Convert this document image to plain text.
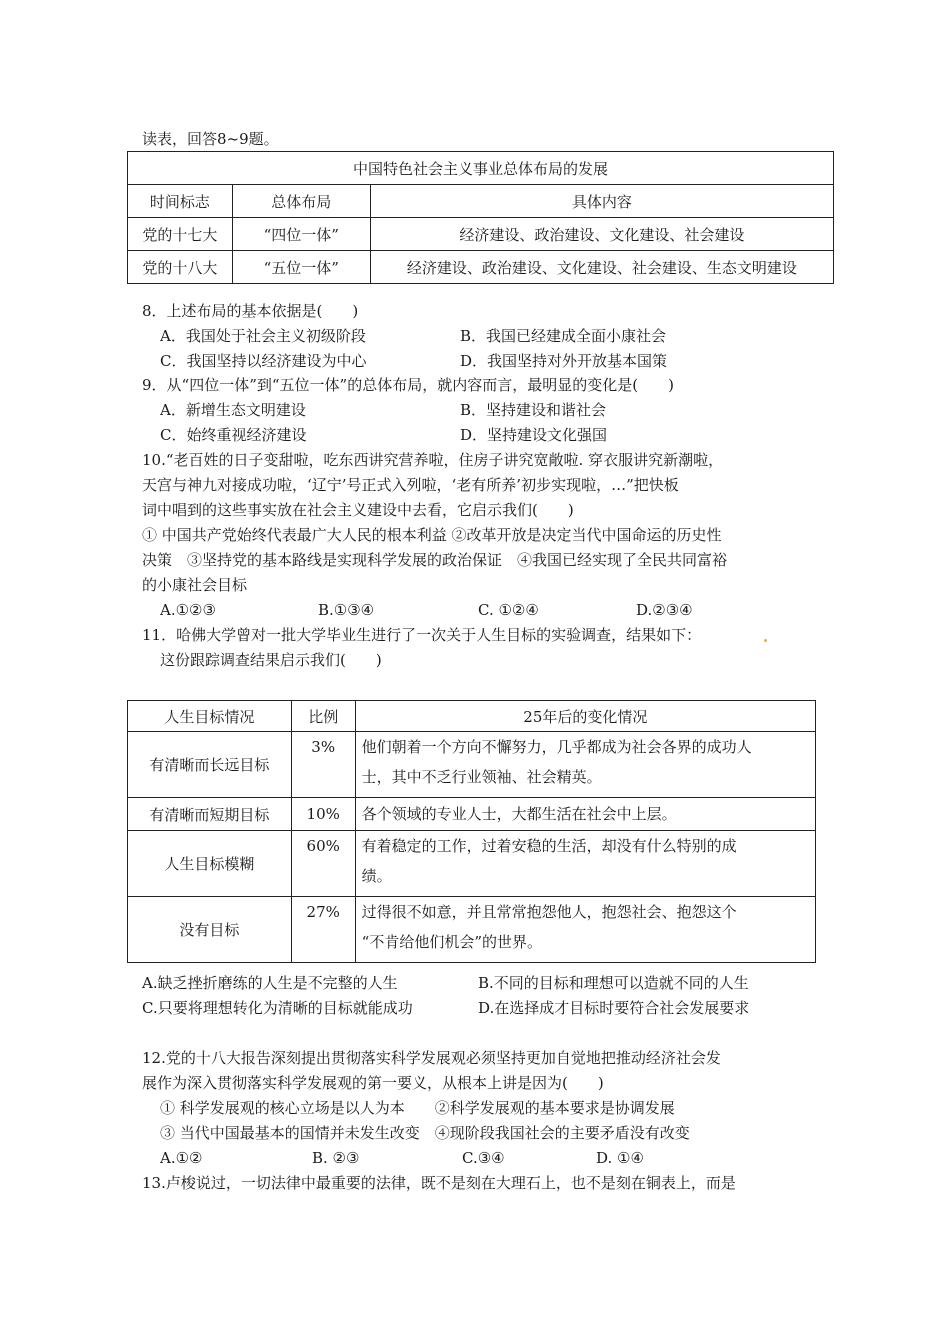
读表，回答8~9题。
中国特色社会主义事业总体布局的发展		
时间标志	总体布局	具体内容
党的十七大	“四位一体”	经济建设、政治建设、文化建设、社会建设
党的十八大	“五位一体”	经济建设、政治建设、文化建设、社会建设、生态文明建设
8．上述布局的基本依据是(　　)
A．我国处于社会主义初级阶段	B．我国已经建成全面小康社会
C．我国坚持以经济建设为中心	D．我国坚持对外开放基本国策
9．从“四位一体”到“五位一体”的总体布局，就内容而言，最明显的变化是(　　)
A．新增生态文明建设	B．坚持建设和谐社会
C．始终重视经济建设	D．坚持建设文化强国
10.“老百姓的日子变甜啦，吃东西讲究营养啦，住房子讲究宽敞啦. 穿衣服讲究新潮啦，
天宫与神九对接成功啦，‘辽宁’号正式入列啦，‘老有所养’初步实现啦，…”把快板
词中唱到的这些事实放在社会主义建设中去看，它启示我们(　　)
① 中国共产党始终代表最广大人民的根本利益 ②改革开放是决定当代中国命运的历史性
决策　③坚持党的基本路线是实现科学发展的政治保证　④我国已经实现了全民共同富裕
的小康社会目标
A.①②③	B.①③④	C. ①②④	D.②③④
11．哈佛大学曾对一批大学毕业生进行了一次关于人生目标的实验调查，结果如下：
这份跟踪调查结果启示我们(　　)
人生目标情况	比例	25年后的变化情况
有清晰而长远目标	3%	他们朝着一个方向不懈努力，几乎都成为社会各界的成功人
士，其中不乏行业领袖、社会精英。
有清晰而短期目标	10%	各个领域的专业人士，大都生活在社会中上层。
人生目标模糊	60%	有着稳定的工作，过着安稳的生活，却没有什么特别的成
绩。
没有目标	27%	过得很不如意，并且常常抱怨他人，抱怨社会、抱怨这个
“不肯给他们机会”的世界。
A.缺乏挫折磨练的人生是不完整的人生	B.不同的目标和理想可以造就不同的人生
C.只要将理想转化为清晰的目标就能成功	D.在选择成才目标时要符合社会发展要求
12.党的十八大报告深刻提出贯彻落实科学发展观必须坚持更加自觉地把推动经济社会发
展作为深入贯彻落实科学发展观的第一要义，从根本上讲是因为(　　)
① 科学发展观的核心立场是以人为本　　②科学发展观的基本要求是协调发展
③ 当代中国最基本的国情并未发生改变　④现阶段我国社会的主要矛盾没有改变
A.①②	B. ②③	C.③④	D. ①④
13.卢梭说过，一切法律中最重要的法律，既不是刻在大理石上，也不是刻在铜表上，而是
